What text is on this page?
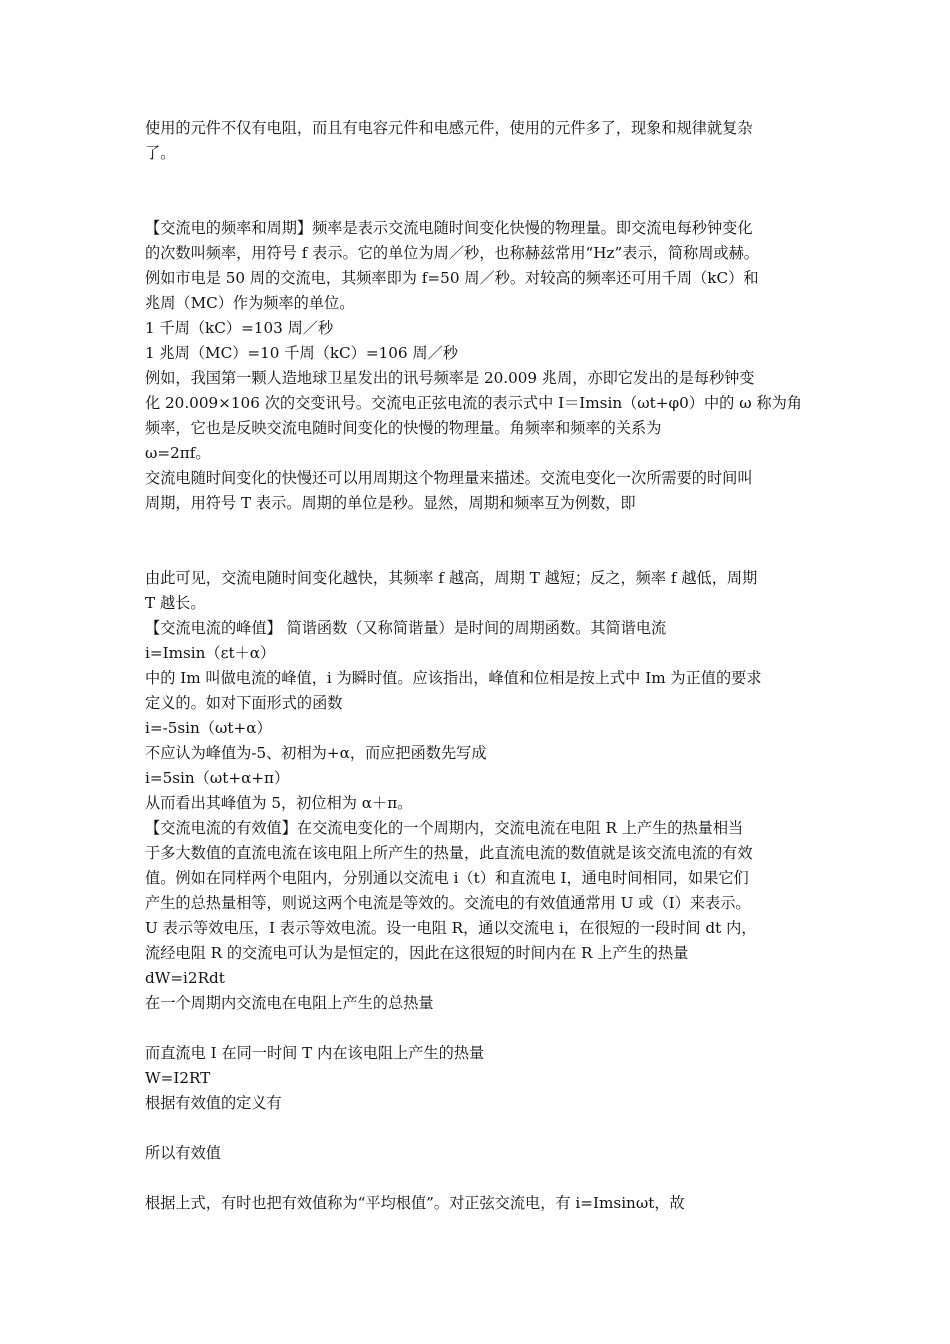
使用的元件不仅有电阻，而且有电容元件和电感元件，使用的元件多了，现象和规律就复杂
了。
【交流电的频率和周期】频率是表示交流电随时间变化快慢的物理量。即交流电每秒钟变化
的次数叫频率，用符号 f 表示。它的单位为周／秒，也称赫兹常用“Hz”表示，简称周或赫。
例如市电是 50 周的交流电，其频率即为 f=50 周／秒。对较高的频率还可用千周（kC）和
兆周（MC）作为频率的单位。
1 千周（kC）=103 周／秒
1 兆周（MC）=10 千周（kC）=106 周／秒
例如，我国第一颗人造地球卫星发出的讯号频率是 20.009 兆周，亦即它发出的是每秒钟变
化 20.009×106 次的交变讯号。交流电正弦电流的表示式中 I＝Imsin（ωt+φ0）中的 ω 称为角
频率，它也是反映交流电随时间变化的快慢的物理量。角频率和频率的关系为
ω=2πf。
交流电随时间变化的快慢还可以用周期这个物理量来描述。交流电变化一次所需要的时间叫
周期，用符号 T 表示。周期的单位是秒。显然，周期和频率互为例数，即
由此可见，交流电随时间变化越快，其频率 f 越高，周期 T 越短；反之，频率 f 越低，周期
T 越长。
【交流电流的峰值】 简谐函数（又称简谐量）是时间的周期函数。其简谐电流
i=Imsin（εt＋α）
中的 Im 叫做电流的峰值，i 为瞬时值。应该指出，峰值和位相是按上式中 Im 为正值的要求
定义的。如对下面形式的函数
i=-5sin（ωt+α）
不应认为峰值为-5、初相为+α，而应把函数先写成
i=5sin（ωt+α+π）
从而看出其峰值为 5，初位相为 α＋π。
【交流电流的有效值】在交流电变化的一个周期内，交流电流在电阻 R 上产生的热量相当
于多大数值的直流电流在该电阻上所产生的热量，此直流电流的数值就是该交流电流的有效
值。例如在同样两个电阻内，分别通以交流电 i（t）和直流电 I，通电时间相同，如果它们
产生的总热量相等，则说这两个电流是等效的。交流电的有效值通常用 U 或（I）来表示。
U 表示等效电压，I 表示等效电流。设一电阻 R，通以交流电 i，在很短的一段时间 dt 内，
流经电阻 R 的交流电可认为是恒定的，因此在这很短的时间内在 R 上产生的热量
dW=i2Rdt
在一个周期内交流电在电阻上产生的总热量
而直流电 I 在同一时间 T 内在该电阻上产生的热量
W=I2RT
根据有效值的定义有
所以有效值
根据上式，有时也把有效值称为“平均根值”。对正弦交流电，有 i=Imsinωt，故
